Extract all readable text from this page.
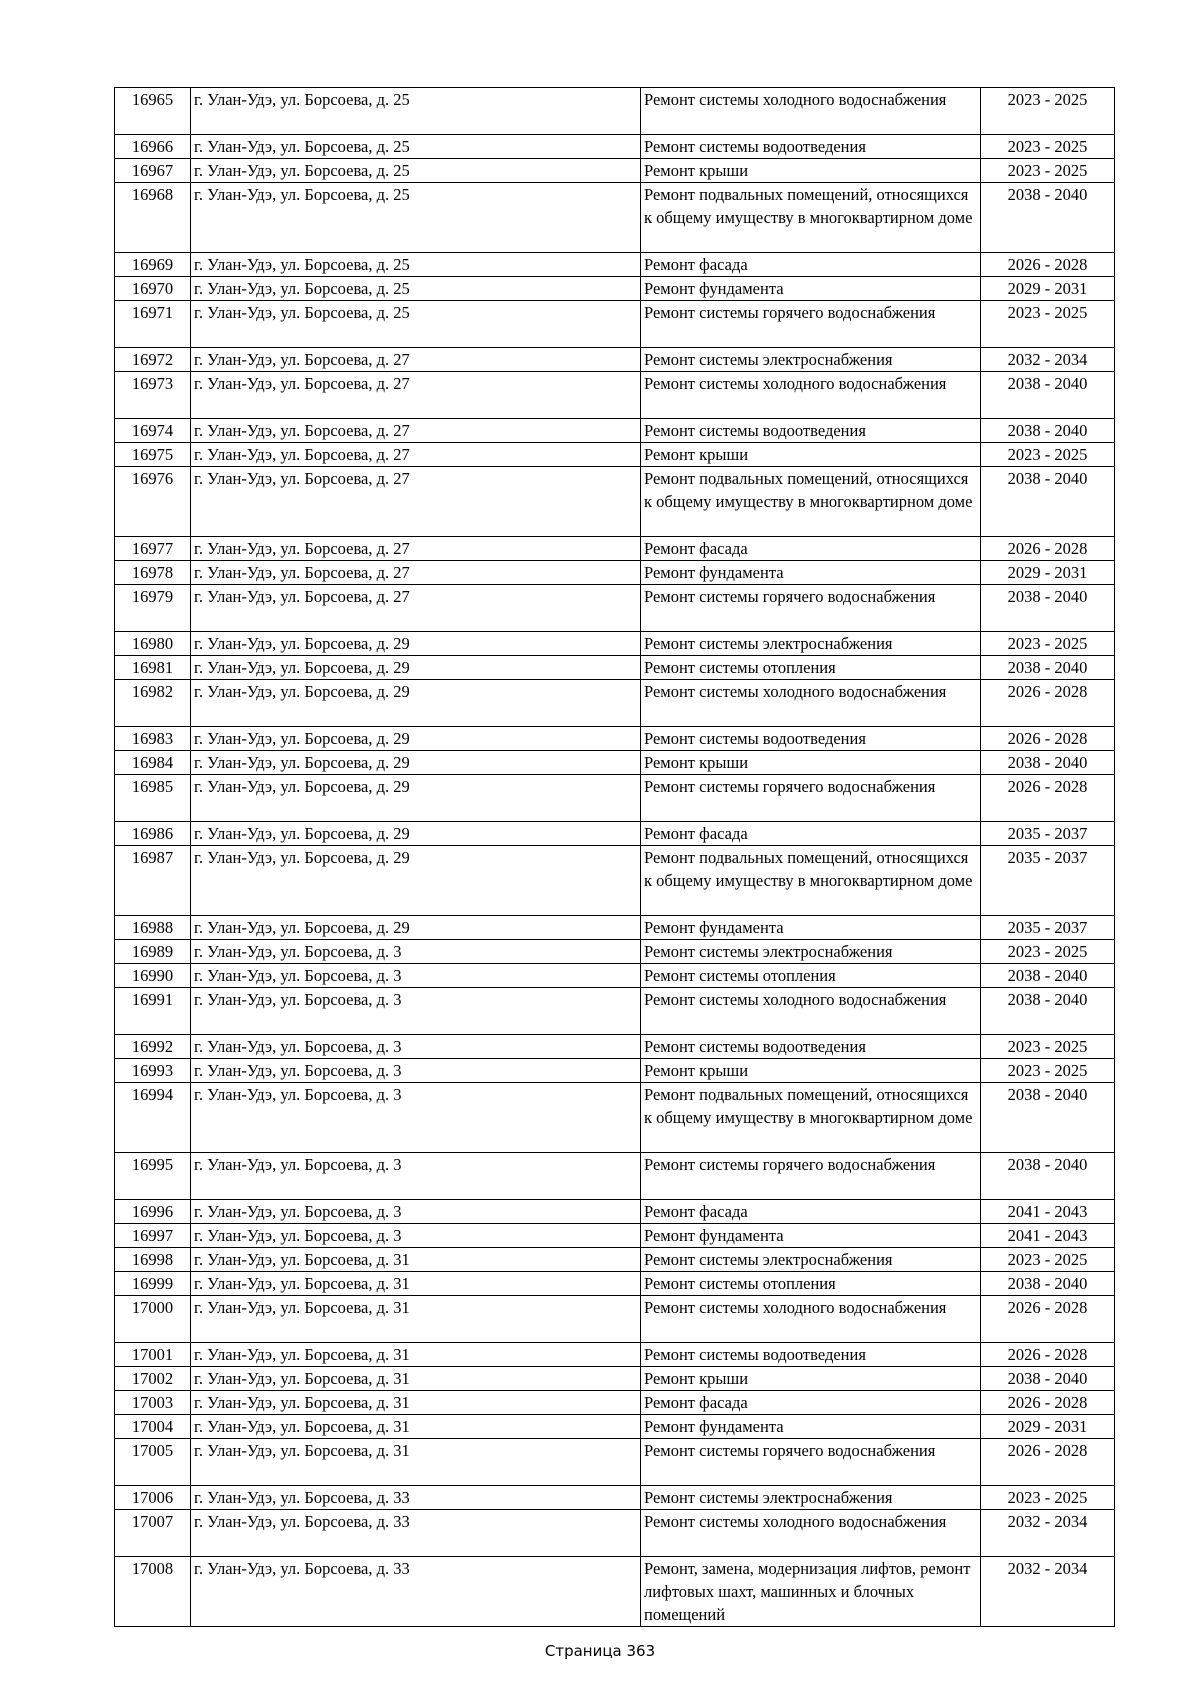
16965	г. Улан-Удэ, ул. Борсоева, д. 25	Ремонт системы холодного водоснабжения	2023 - 2025
16966	г. Улан-Удэ, ул. Борсоева, д. 25	Ремонт системы водоотведения	2023 - 2025
16967	г. Улан-Удэ, ул. Борсоева, д. 25	Ремонт крыши	2023 - 2025
16968	г. Улан-Удэ, ул. Борсоева, д. 25	Ремонт подвальных помещений, относящихся к общему имуществу в многоквартирном доме	2038 - 2040
16969	г. Улан-Удэ, ул. Борсоева, д. 25	Ремонт фасада	2026 - 2028
16970	г. Улан-Удэ, ул. Борсоева, д. 25	Ремонт фундамента	2029 - 2031
16971	г. Улан-Удэ, ул. Борсоева, д. 25	Ремонт системы горячего водоснабжения	2023 - 2025
16972	г. Улан-Удэ, ул. Борсоева, д. 27	Ремонт системы электроснабжения	2032 - 2034
16973	г. Улан-Удэ, ул. Борсоева, д. 27	Ремонт системы холодного водоснабжения	2038 - 2040
16974	г. Улан-Удэ, ул. Борсоева, д. 27	Ремонт системы водоотведения	2038 - 2040
16975	г. Улан-Удэ, ул. Борсоева, д. 27	Ремонт крыши	2023 - 2025
16976	г. Улан-Удэ, ул. Борсоева, д. 27	Ремонт подвальных помещений, относящихся к общему имуществу в многоквартирном доме	2038 - 2040
16977	г. Улан-Удэ, ул. Борсоева, д. 27	Ремонт фасада	2026 - 2028
16978	г. Улан-Удэ, ул. Борсоева, д. 27	Ремонт фундамента	2029 - 2031
16979	г. Улан-Удэ, ул. Борсоева, д. 27	Ремонт системы горячего водоснабжения	2038 - 2040
16980	г. Улан-Удэ, ул. Борсоева, д. 29	Ремонт системы электроснабжения	2023 - 2025
16981	г. Улан-Удэ, ул. Борсоева, д. 29	Ремонт системы отопления	2038 - 2040
16982	г. Улан-Удэ, ул. Борсоева, д. 29	Ремонт системы холодного водоснабжения	2026 - 2028
16983	г. Улан-Удэ, ул. Борсоева, д. 29	Ремонт системы водоотведения	2026 - 2028
16984	г. Улан-Удэ, ул. Борсоева, д. 29	Ремонт крыши	2038 - 2040
16985	г. Улан-Удэ, ул. Борсоева, д. 29	Ремонт системы горячего водоснабжения	2026 - 2028
16986	г. Улан-Удэ, ул. Борсоева, д. 29	Ремонт фасада	2035 - 2037
16987	г. Улан-Удэ, ул. Борсоева, д. 29	Ремонт подвальных помещений, относящихся к общему имуществу в многоквартирном доме	2035 - 2037
16988	г. Улан-Удэ, ул. Борсоева, д. 29	Ремонт фундамента	2035 - 2037
16989	г. Улан-Удэ, ул. Борсоева, д. 3	Ремонт системы электроснабжения	2023 - 2025
16990	г. Улан-Удэ, ул. Борсоева, д. 3	Ремонт системы отопления	2038 - 2040
16991	г. Улан-Удэ, ул. Борсоева, д. 3	Ремонт системы холодного водоснабжения	2038 - 2040
16992	г. Улан-Удэ, ул. Борсоева, д. 3	Ремонт системы водоотведения	2023 - 2025
16993	г. Улан-Удэ, ул. Борсоева, д. 3	Ремонт крыши	2023 - 2025
16994	г. Улан-Удэ, ул. Борсоева, д. 3	Ремонт подвальных помещений, относящихся к общему имуществу в многоквартирном доме	2038 - 2040
16995	г. Улан-Удэ, ул. Борсоева, д. 3	Ремонт системы горячего водоснабжения	2038 - 2040
16996	г. Улан-Удэ, ул. Борсоева, д. 3	Ремонт фасада	2041 - 2043
16997	г. Улан-Удэ, ул. Борсоева, д. 3	Ремонт фундамента	2041 - 2043
16998	г. Улан-Удэ, ул. Борсоева, д. 31	Ремонт системы электроснабжения	2023 - 2025
16999	г. Улан-Удэ, ул. Борсоева, д. 31	Ремонт системы отопления	2038 - 2040
17000	г. Улан-Удэ, ул. Борсоева, д. 31	Ремонт системы холодного водоснабжения	2026 - 2028
17001	г. Улан-Удэ, ул. Борсоева, д. 31	Ремонт системы водоотведения	2026 - 2028
17002	г. Улан-Удэ, ул. Борсоева, д. 31	Ремонт крыши	2038 - 2040
17003	г. Улан-Удэ, ул. Борсоева, д. 31	Ремонт фасада	2026 - 2028
17004	г. Улан-Удэ, ул. Борсоева, д. 31	Ремонт фундамента	2029 - 2031
17005	г. Улан-Удэ, ул. Борсоева, д. 31	Ремонт системы горячего водоснабжения	2026 - 2028
17006	г. Улан-Удэ, ул. Борсоева, д. 33	Ремонт системы электроснабжения	2023 - 2025
17007	г. Улан-Удэ, ул. Борсоева, д. 33	Ремонт системы холодного водоснабжения	2032 - 2034
17008	г. Улан-Удэ, ул. Борсоева, д. 33	Ремонт, замена, модернизация лифтов, ремонт лифтовых шахт, машинных и блочных помещений	2032 - 2034
Страница 363
